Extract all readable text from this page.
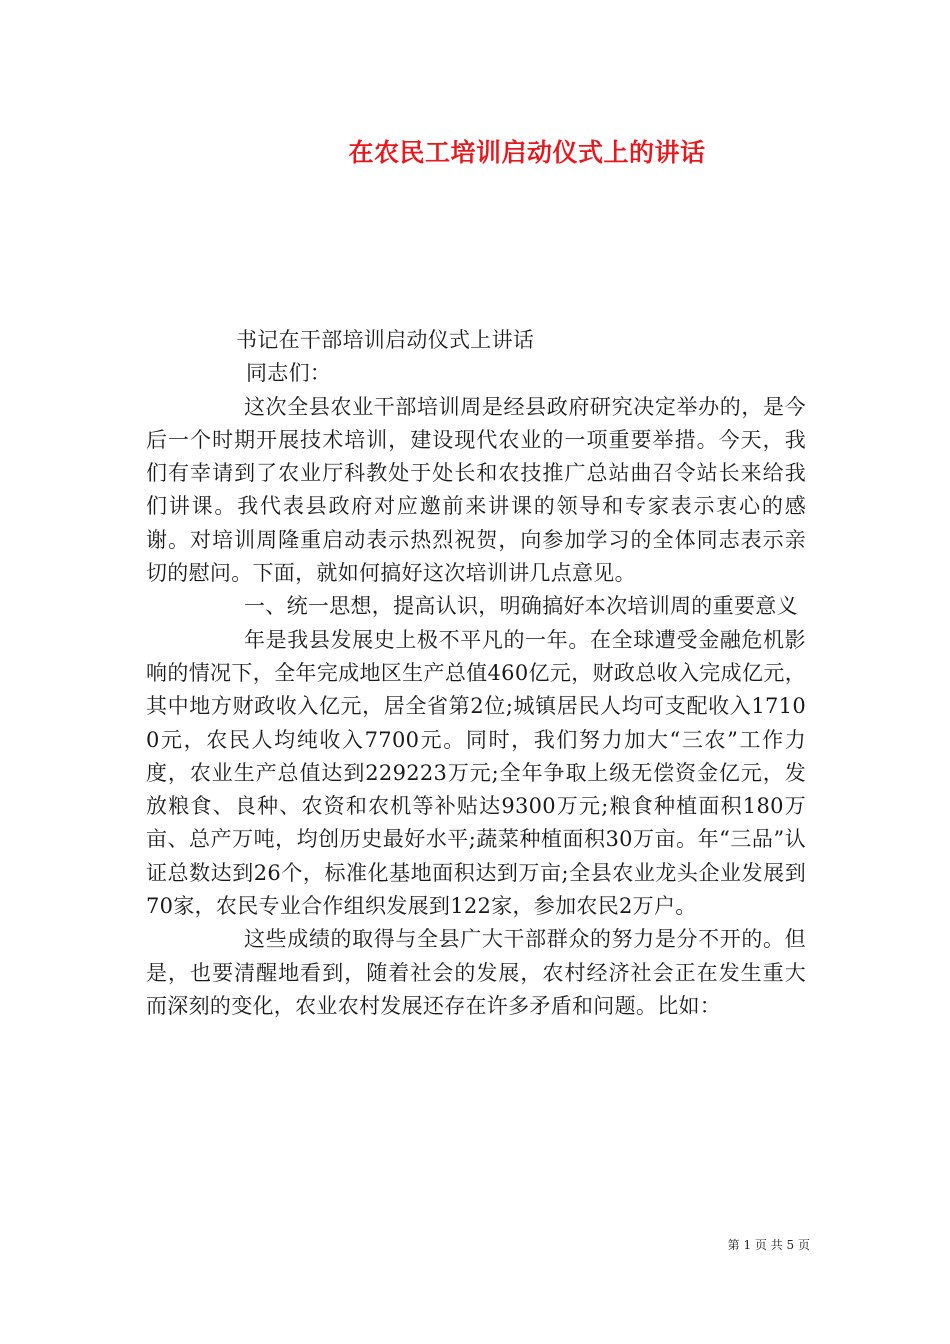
在农民工培训启动仪式上的讲话

书记在干部培训启动仪式上讲话

同志们：

这次全县农业干部培训周是经县政府研究决定举办的，是今后一个时期开展技术培训，建设现代农业的一项重要举措。今天，我们有幸请到了农业厅科教处于处长和农技推广总站曲召令站长来给我们讲课。我代表县政府对应邀前来讲课的领导和专家表示衷心的感谢。对培训周隆重启动表示热烈祝贺，向参加学习的全体同志表示亲切的慰问。下面，就如何搞好这次培训讲几点意见。

一、统一思想，提高认识，明确搞好本次培训周的重要意义

年是我县发展史上极不平凡的一年。在全球遭受金融危机影响的情况下，全年完成地区生产总值460亿元，财政总收入完成亿元，其中地方财政收入亿元，居全省第2位;城镇居民人均可支配收入17100元，农民人均纯收入7700元。同时，我们努力加大“三农”工作力度，农业生产总值达到229223万元;全年争取上级无偿资金亿元，发放粮食、良种、农资和农机等补贴达9300万元;粮食种植面积180万亩、总产万吨，均创历史最好水平;蔬菜种植面积30万亩。年“三品”认证总数达到26个，标准化基地面积达到万亩;全县农业龙头企业发展到70家，农民专业合作组织发展到122家，参加农民2万户。

这些成绩的取得与全县广大干部群众的努力是分不开的。但是，也要清醒地看到，随着社会的发展，农村经济社会正在发生重大而深刻的变化，农业农村发展还存在许多矛盾和问题。比如：

第 1 页 共 5 页
